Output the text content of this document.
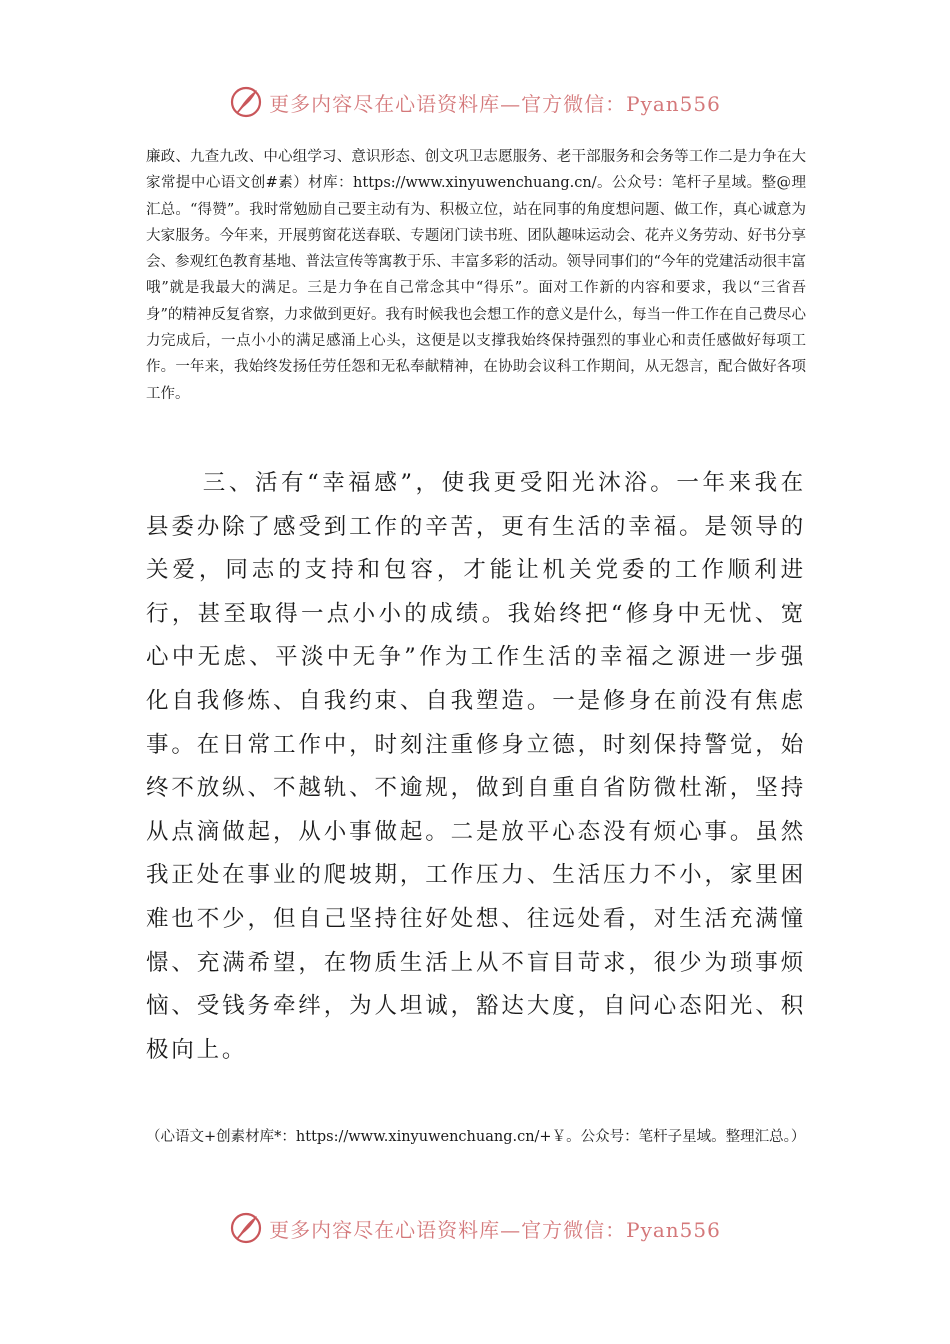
更多内容尽在心语资料库—官方微信：Pyan556
廉政、九查九改、中心组学习、意识形态、创文巩卫志愿服务、老干部服务和会务等工作二是力争在大家常提中心语文创#素）材库：https://www.xinyuwenchuang.cn/。公众号：笔杆子星域。整@理汇总。“得赞”。我时常勉励自己要主动有为、积极立位，站在同事的角度想问题、做工作，真心诚意为大家服务。今年来，开展剪窗花送春联、专题闭门读书班、团队趣味运动会、花卉义务劳动、好书分享会、参观红色教育基地、普法宣传等寓教于乐、丰富多彩的活动。领导同事们的“今年的党建活动很丰富哦”就是我最大的满足。三是力争在自己常念其中“得乐”。面对工作新的内容和要求，我以“三省吾身”的精神反复省察，力求做到更好。我有时候我也会想工作的意义是什么，每当一件工作在自己费尽心力完成后，一点小小的满足感涌上心头，这便是以支撑我始终保持强烈的事业心和责任感做好每项工作。一年来，我始终发扬任劳任怨和无私奉献精神，在协助会议科工作期间，从无怨言，配合做好各项工作。
三、活有“幸福感”，使我更受阳光沐浴。一年来我在县委办除了感受到工作的辛苦，更有生活的幸福。是领导的关爱，同志的支持和包容，才能让机关党委的工作顺利进行，甚至取得一点小小的成绩。我始终把“修身中无忧、宽心中无虑、平淡中无争”作为工作生活的幸福之源进一步强化自我修炼、自我约束、自我塑造。一是修身在前没有焦虑事。在日常工作中，时刻注重修身立德，时刻保持警觉，始终不放纵、不越轨、不逾规，做到自重自省防微杜渐，坚持从点滴做起，从小事做起。二是放平心态没有烦心事。虽然我正处在事业的爬坡期，工作压力、生活压力不小，家里困难也不少，但自己坚持往好处想、往远处看，对生活充满憧憬、充满希望，在物质生活上从不盲目苛求，很少为琐事烦恼、受钱务牵绊，为人坦诚，豁达大度，自问心态阳光、积极向上。
（心语文+创素材库*：https://www.xinyuwenchuang.cn/+￥。公众号：笔杆子星域。整理汇总。）
更多内容尽在心语资料库—官方微信：Pyan556
